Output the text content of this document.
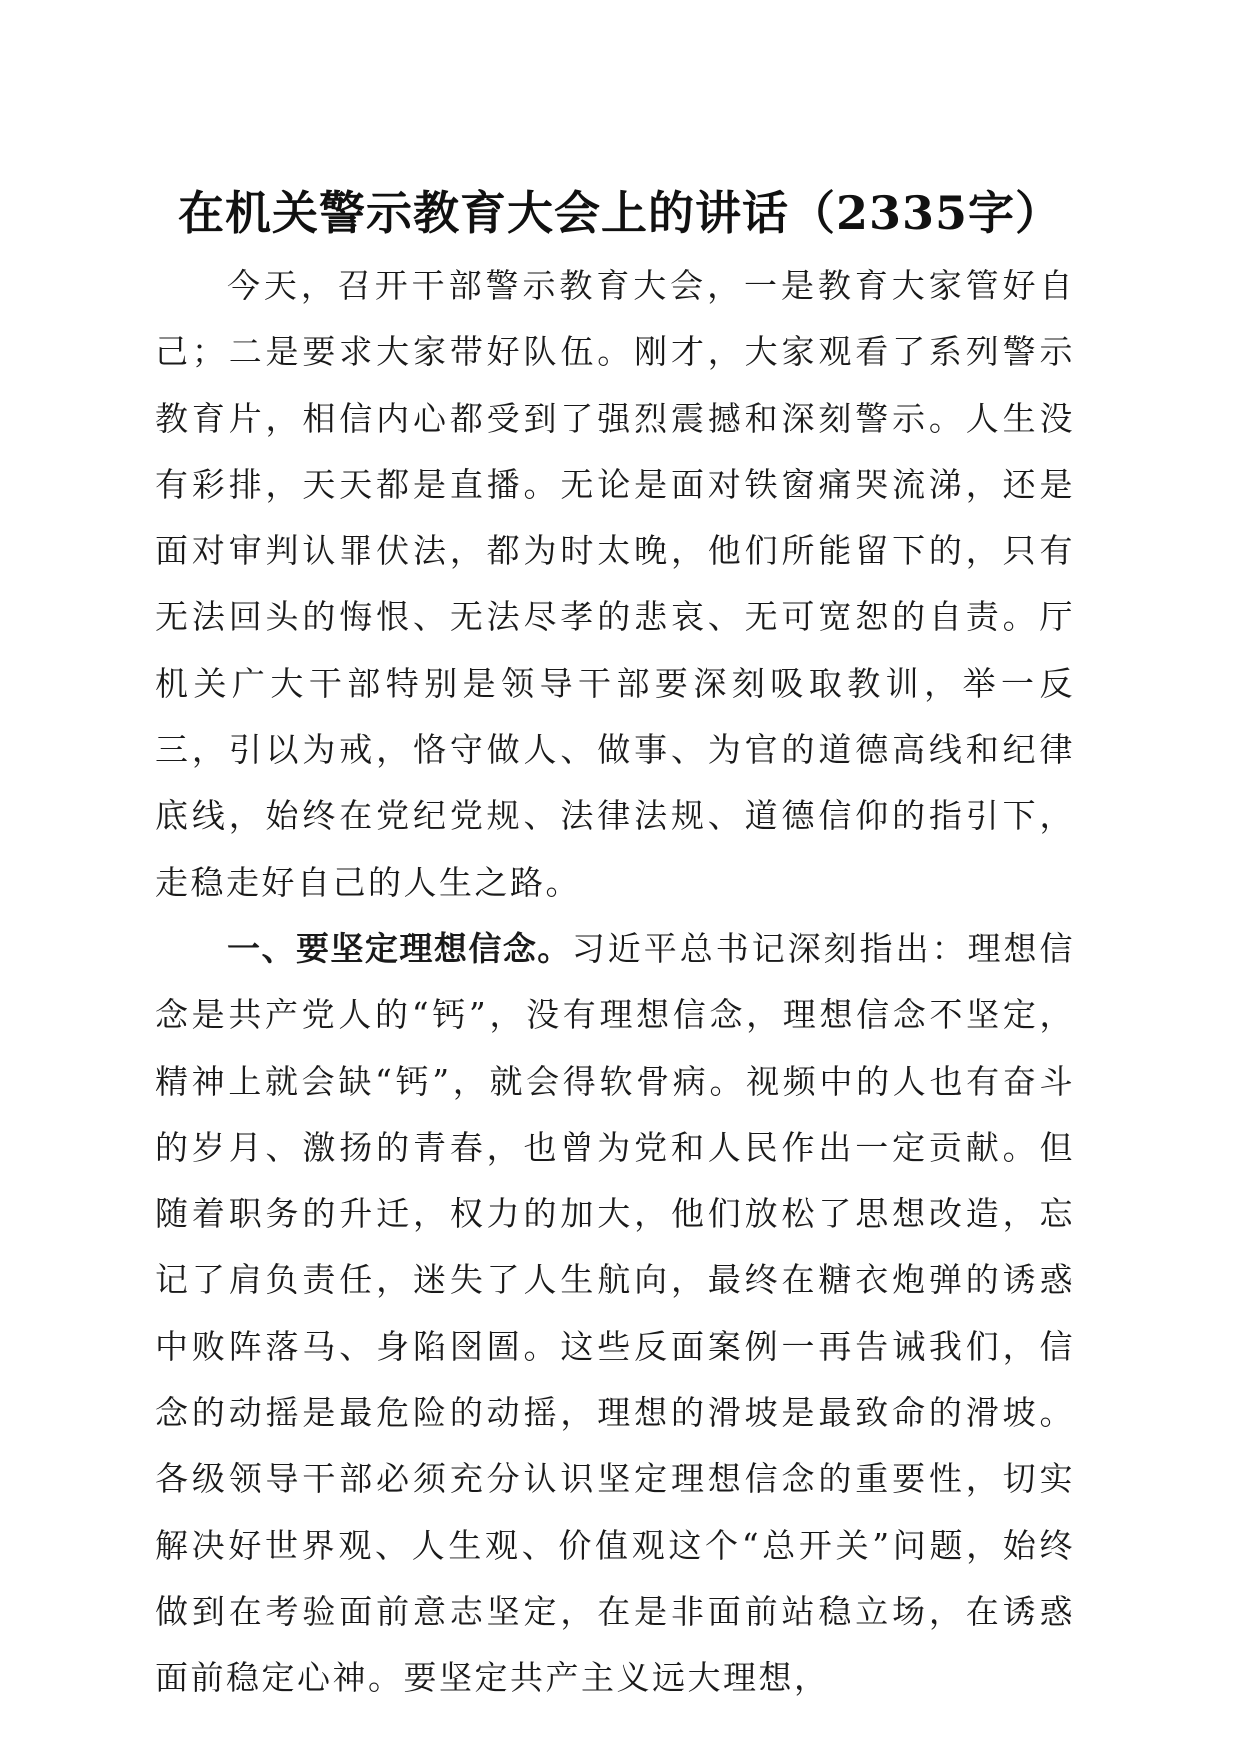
在机关警示教育大会上的讲话（2335字）

今天，召开干部警示教育大会，一是教育大家管好自己；二是要求大家带好队伍。刚才，大家观看了系列警示教育片，相信内心都受到了强烈震撼和深刻警示。人生没有彩排，天天都是直播。无论是面对铁窗痛哭流涕，还是面对审判认罪伏法，都为时太晚，他们所能留下的，只有无法回头的悔恨、无法尽孝的悲哀、无可宽恕的自责。厅机关广大干部特别是领导干部要深刻吸取教训，举一反三，引以为戒，恪守做人、做事、为官的道德高线和纪律底线，始终在党纪党规、法律法规、道德信仰的指引下，走稳走好自己的人生之路。

一、要坚定理想信念。习近平总书记深刻指出：理想信念是共产党人的“钙”，没有理想信念，理想信念不坚定，精神上就会缺“钙”，就会得软骨病。视频中的人也有奋斗的岁月、激扬的青春，也曾为党和人民作出一定贡献。但随着职务的升迁，权力的加大，他们放松了思想改造，忘记了肩负责任，迷失了人生航向，最终在糖衣炮弹的诱惑中败阵落马、身陷囹圄。这些反面案例一再告诫我们，信念的动摇是最危险的动摇，理想的滑坡是最致命的滑坡。各级领导干部必须充分认识坚定理想信念的重要性，切实解决好世界观、人生观、价值观这个“总开关”问题，始终做到在考验面前意志坚定，在是非面前站稳立场，在诱惑面前稳定心神。要坚定共产主义远大理想，
